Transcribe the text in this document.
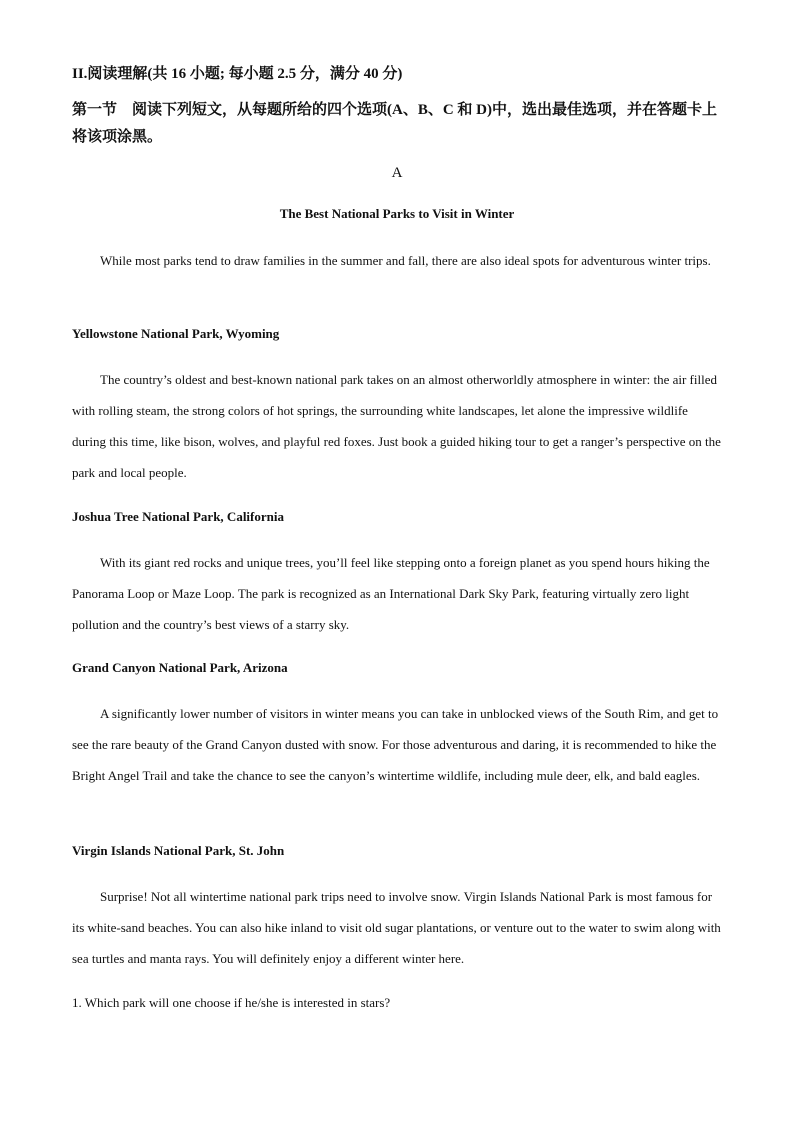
II.阅读理解(共 16 小题; 每小题 2.5 分，满分 40 分)
第一节　阅读下列短文，从每题所给的四个选项(A、B、C 和 D)中，选出最佳选项，并在答题卡上将该项涂黑。
A
The Best National Parks to Visit in Winter

While most parks tend to draw families in the summer and fall, there are also ideal spots for adventurous winter trips.

Yellowstone National Park, Wyoming

The country’s oldest and best-known national park takes on an almost otherworldly atmosphere in winter: the air filled with rolling steam, the strong colors of hot springs, the surrounding white landscapes, let alone the impressive wildlife during this time, like bison, wolves, and playful red foxes. Just book a guided hiking tour to get a ranger’s perspective on the park and local people.

Joshua Tree National Park, California

With its giant red rocks and unique trees, you’ll feel like stepping onto a foreign planet as you spend hours hiking the Panorama Loop or Maze Loop. The park is recognized as an International Dark Sky Park, featuring virtually zero light pollution and the country’s best views of a starry sky.

Grand Canyon National Park, Arizona

A significantly lower number of visitors in winter means you can take in unblocked views of the South Rim, and get to see the rare beauty of the Grand Canyon dusted with snow. For those adventurous and daring, it is recommended to hike the Bright Angel Trail and take the chance to see the canyon’s wintertime wildlife, including mule deer, elk, and bald eagles.

Virgin Islands National Park, St. John

Surprise! Not all wintertime national park trips need to involve snow. Virgin Islands National Park is most famous for its white-sand beaches. You can also hike inland to visit old sugar plantations, or venture out to the water to swim along with sea turtles and manta rays. You will definitely enjoy a different winter here.

1. Which park will one choose if he/she is interested in stars?
